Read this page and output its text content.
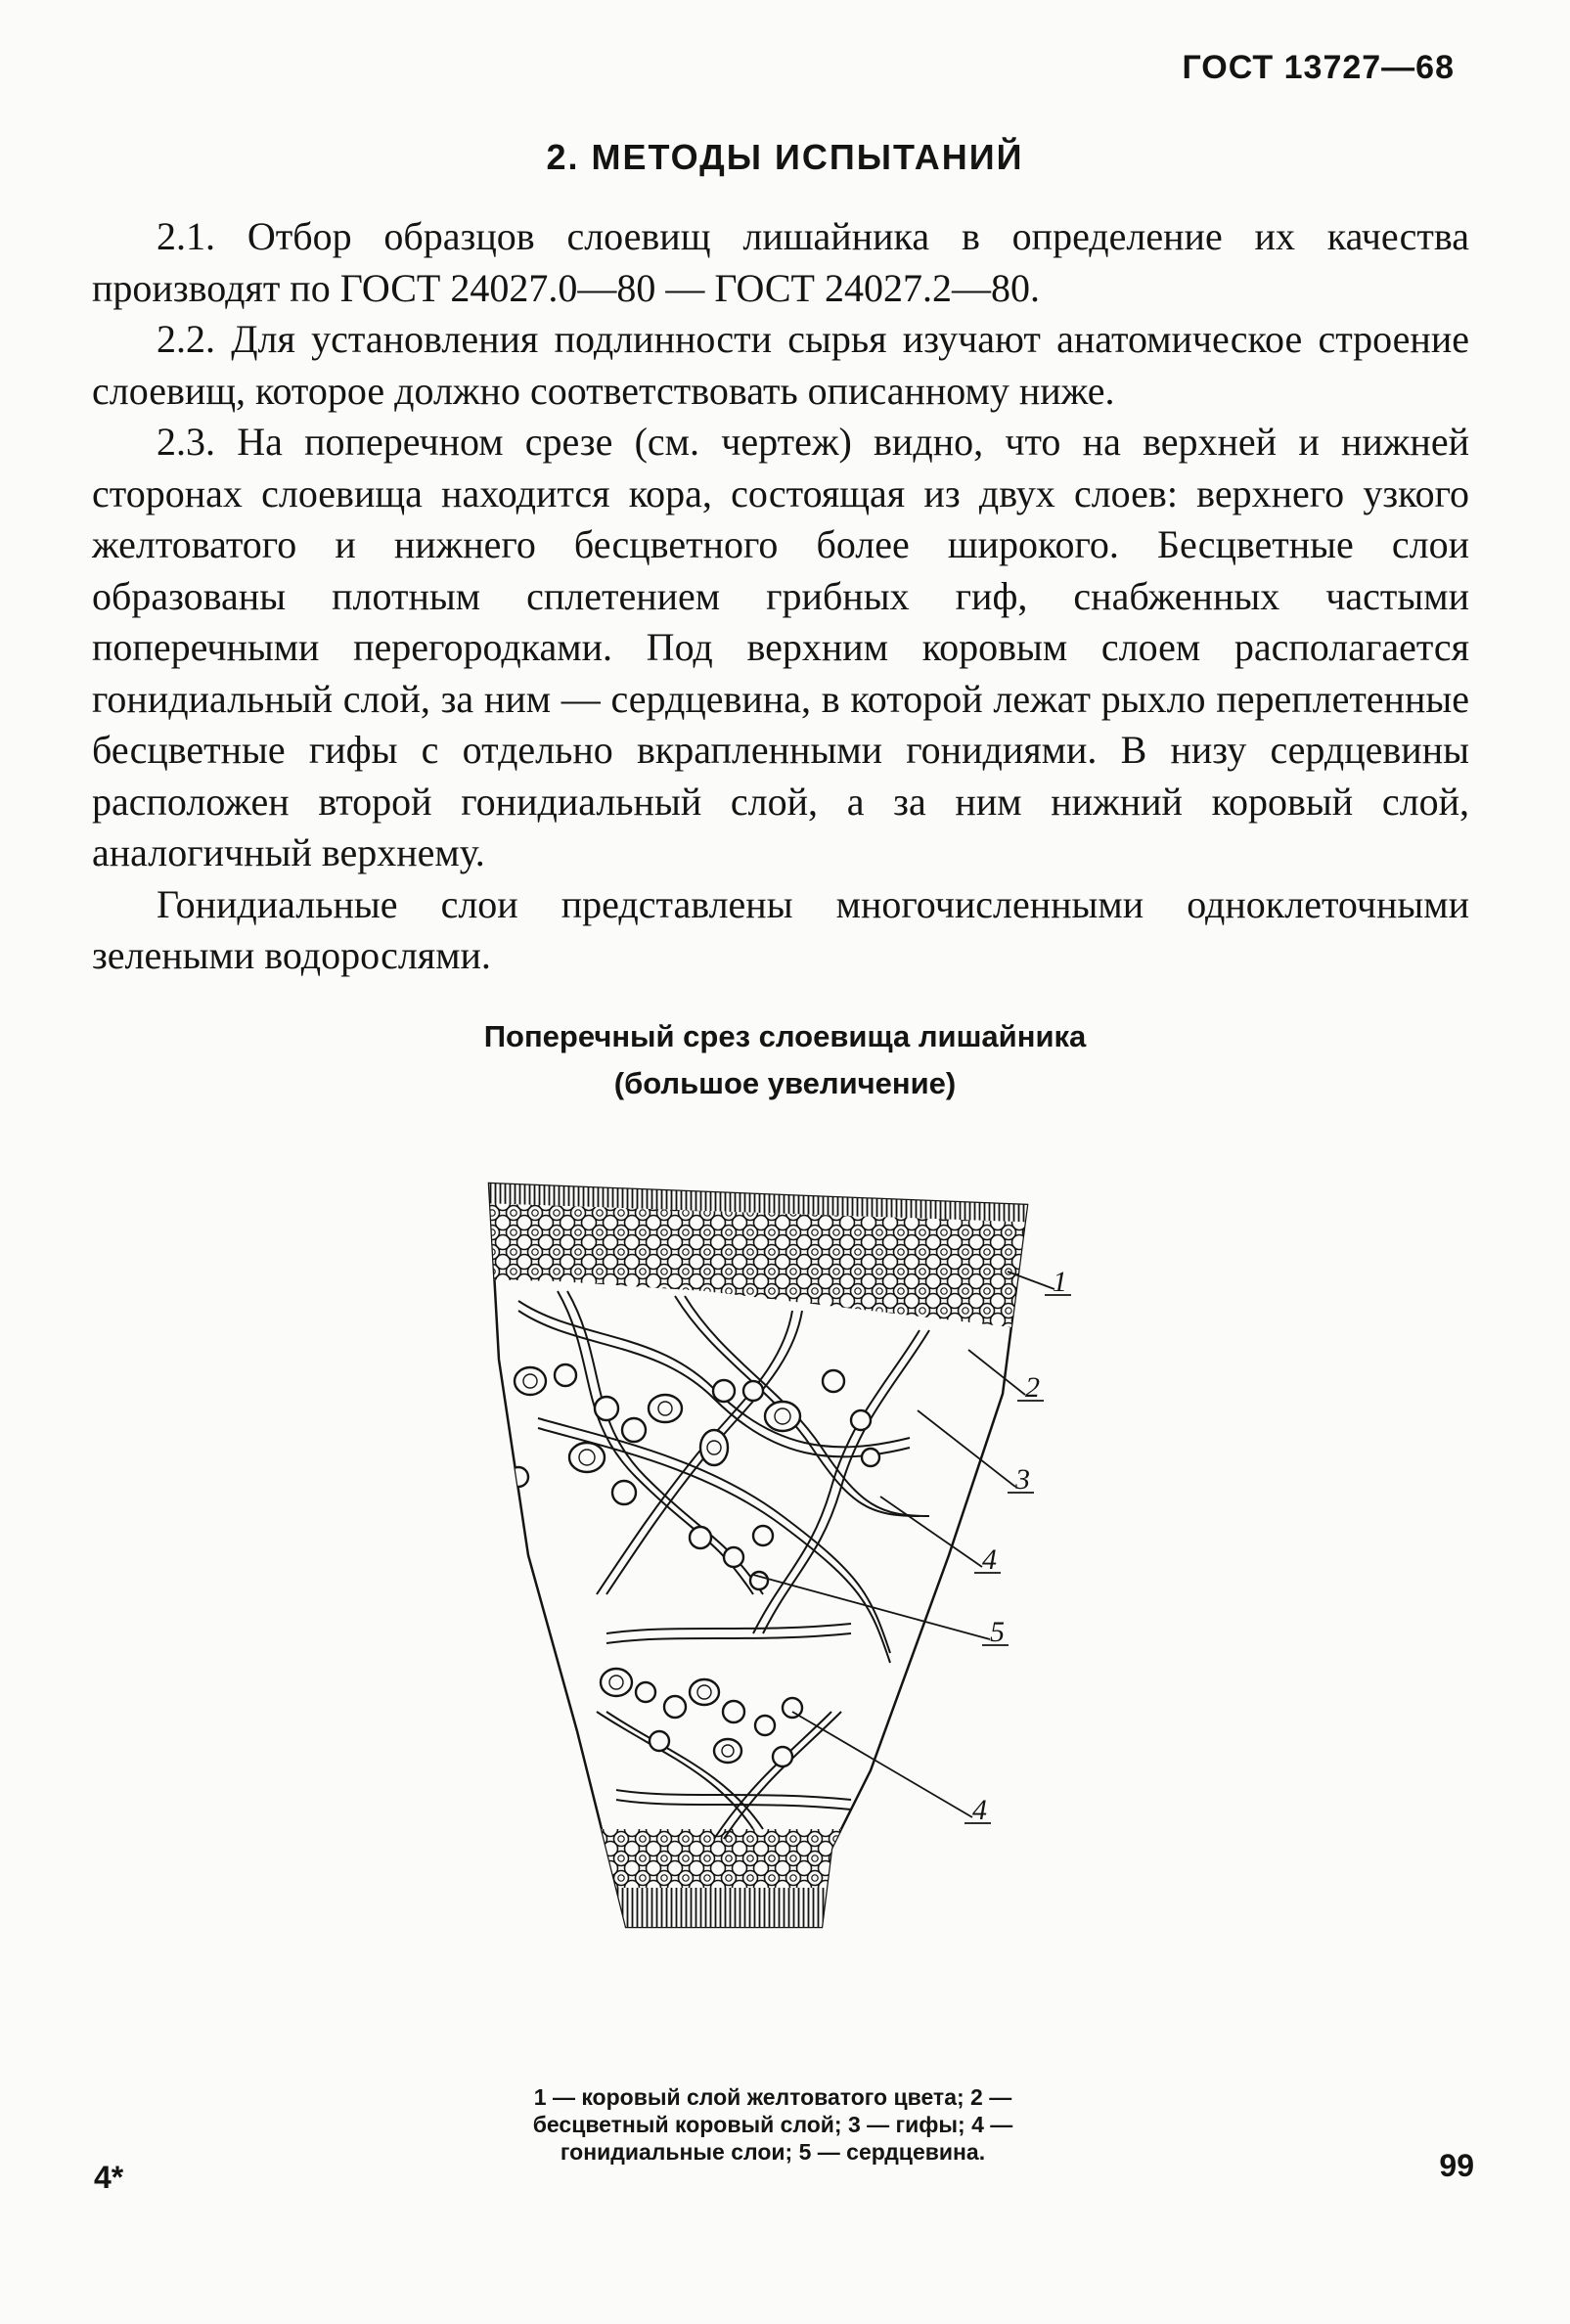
ГОСТ 13727—68
2. МЕТОДЫ ИСПЫТАНИЙ

2.1. Отбор образцов слоевищ лишайника в определение их качества производят по ГОСТ 24027.0—80 — ГОСТ 24027.2—80.

2.2. Для установления подлинности сырья изучают анатомическое строение слоевищ, которое должно соответствовать описанному ниже.

2.3. На поперечном срезе (см. чертеж) видно, что на верхней и нижней сторонах слоевища находится кора, состоящая из двух слоев: верхнего узкого желтоватого и нижнего бесцветного более широкого. Бесцветные слои образованы плотным сплетением грибных гиф, снабженных частыми поперечными перегородками. Под верхним коровым слоем располагается гонидиальный слой, за ним — сердцевина, в которой лежат рыхло переплетенные бесцветные гифы с отдельно вкрапленными гонидиями. В низу сердцевины расположен второй гонидиальный слой, а за ним нижний коровый слой, аналогичный верхнему.

Гонидиальные слои представлены многочисленными одноклеточными зелеными водорослями.

Поперечный срез слоевища лишайника
(большое увеличение)
1
2
3
4
5
4
1 — коровый слой желтоватого цвета; 2 —
бесцветный коровый слой; 3 — гифы; 4 —
гонидиальные слои; 5 — сердцевина.
4*	99
